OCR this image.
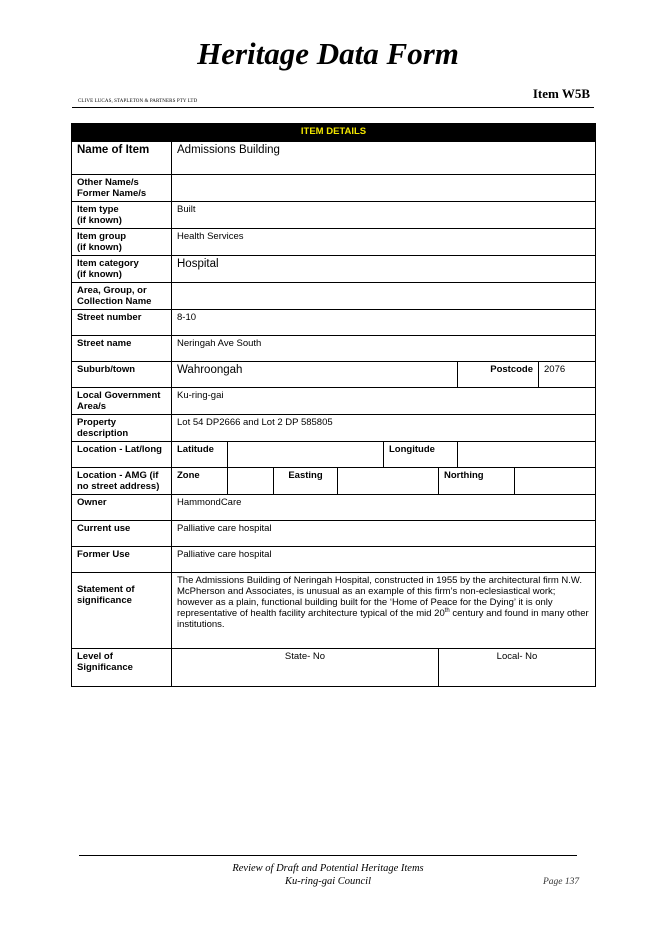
Heritage Data Form
Item W5B
CLIVE LUCAS, STAPLETON & PARTNERS PTY LTD
ITEM DETAILS									
Name of Item	Admissions Building								

Other Name/s
Former Name/s									

Item type
(if known)	Built								

Item group
(if known)	Health Services								

Item category
(if known)	Hospital								

Area, Group, or
Collection Name									

Street number	8-10								
Street name	Neringah Ave South								
Suburb/town	Wahroongah						Postcode		2076

Local Government
Area/s	Ku-ring-gai								

Property
description	Lot 54 DP2666 and Lot 2 DP 585805								
Location - Lat/long	Latitude				Longitude				

Location - AMG (if
no street address)	Zone		Easting			Northing			
Owner	HammondCare								
Current use	Palliative care hospital								
Former Use	Palliative care hospital								

Statement of
significance	The Admissions Building of Neringah Hospital, constructed in 1955 by the architectural firm N.W. McPherson and Associates, is unusual as an example of this firm’s non-eclesiastical work; however as a plain, functional building built for the ‘Home of Peace for the Dying’ it is only representative of health facility architecture typical of the mid 20th century and found in many other institutions.								

Level of
Significance	State- No					Local- No			
Review of Draft and Potential Heritage Items
Ku-ring-gai Council	Page 137
